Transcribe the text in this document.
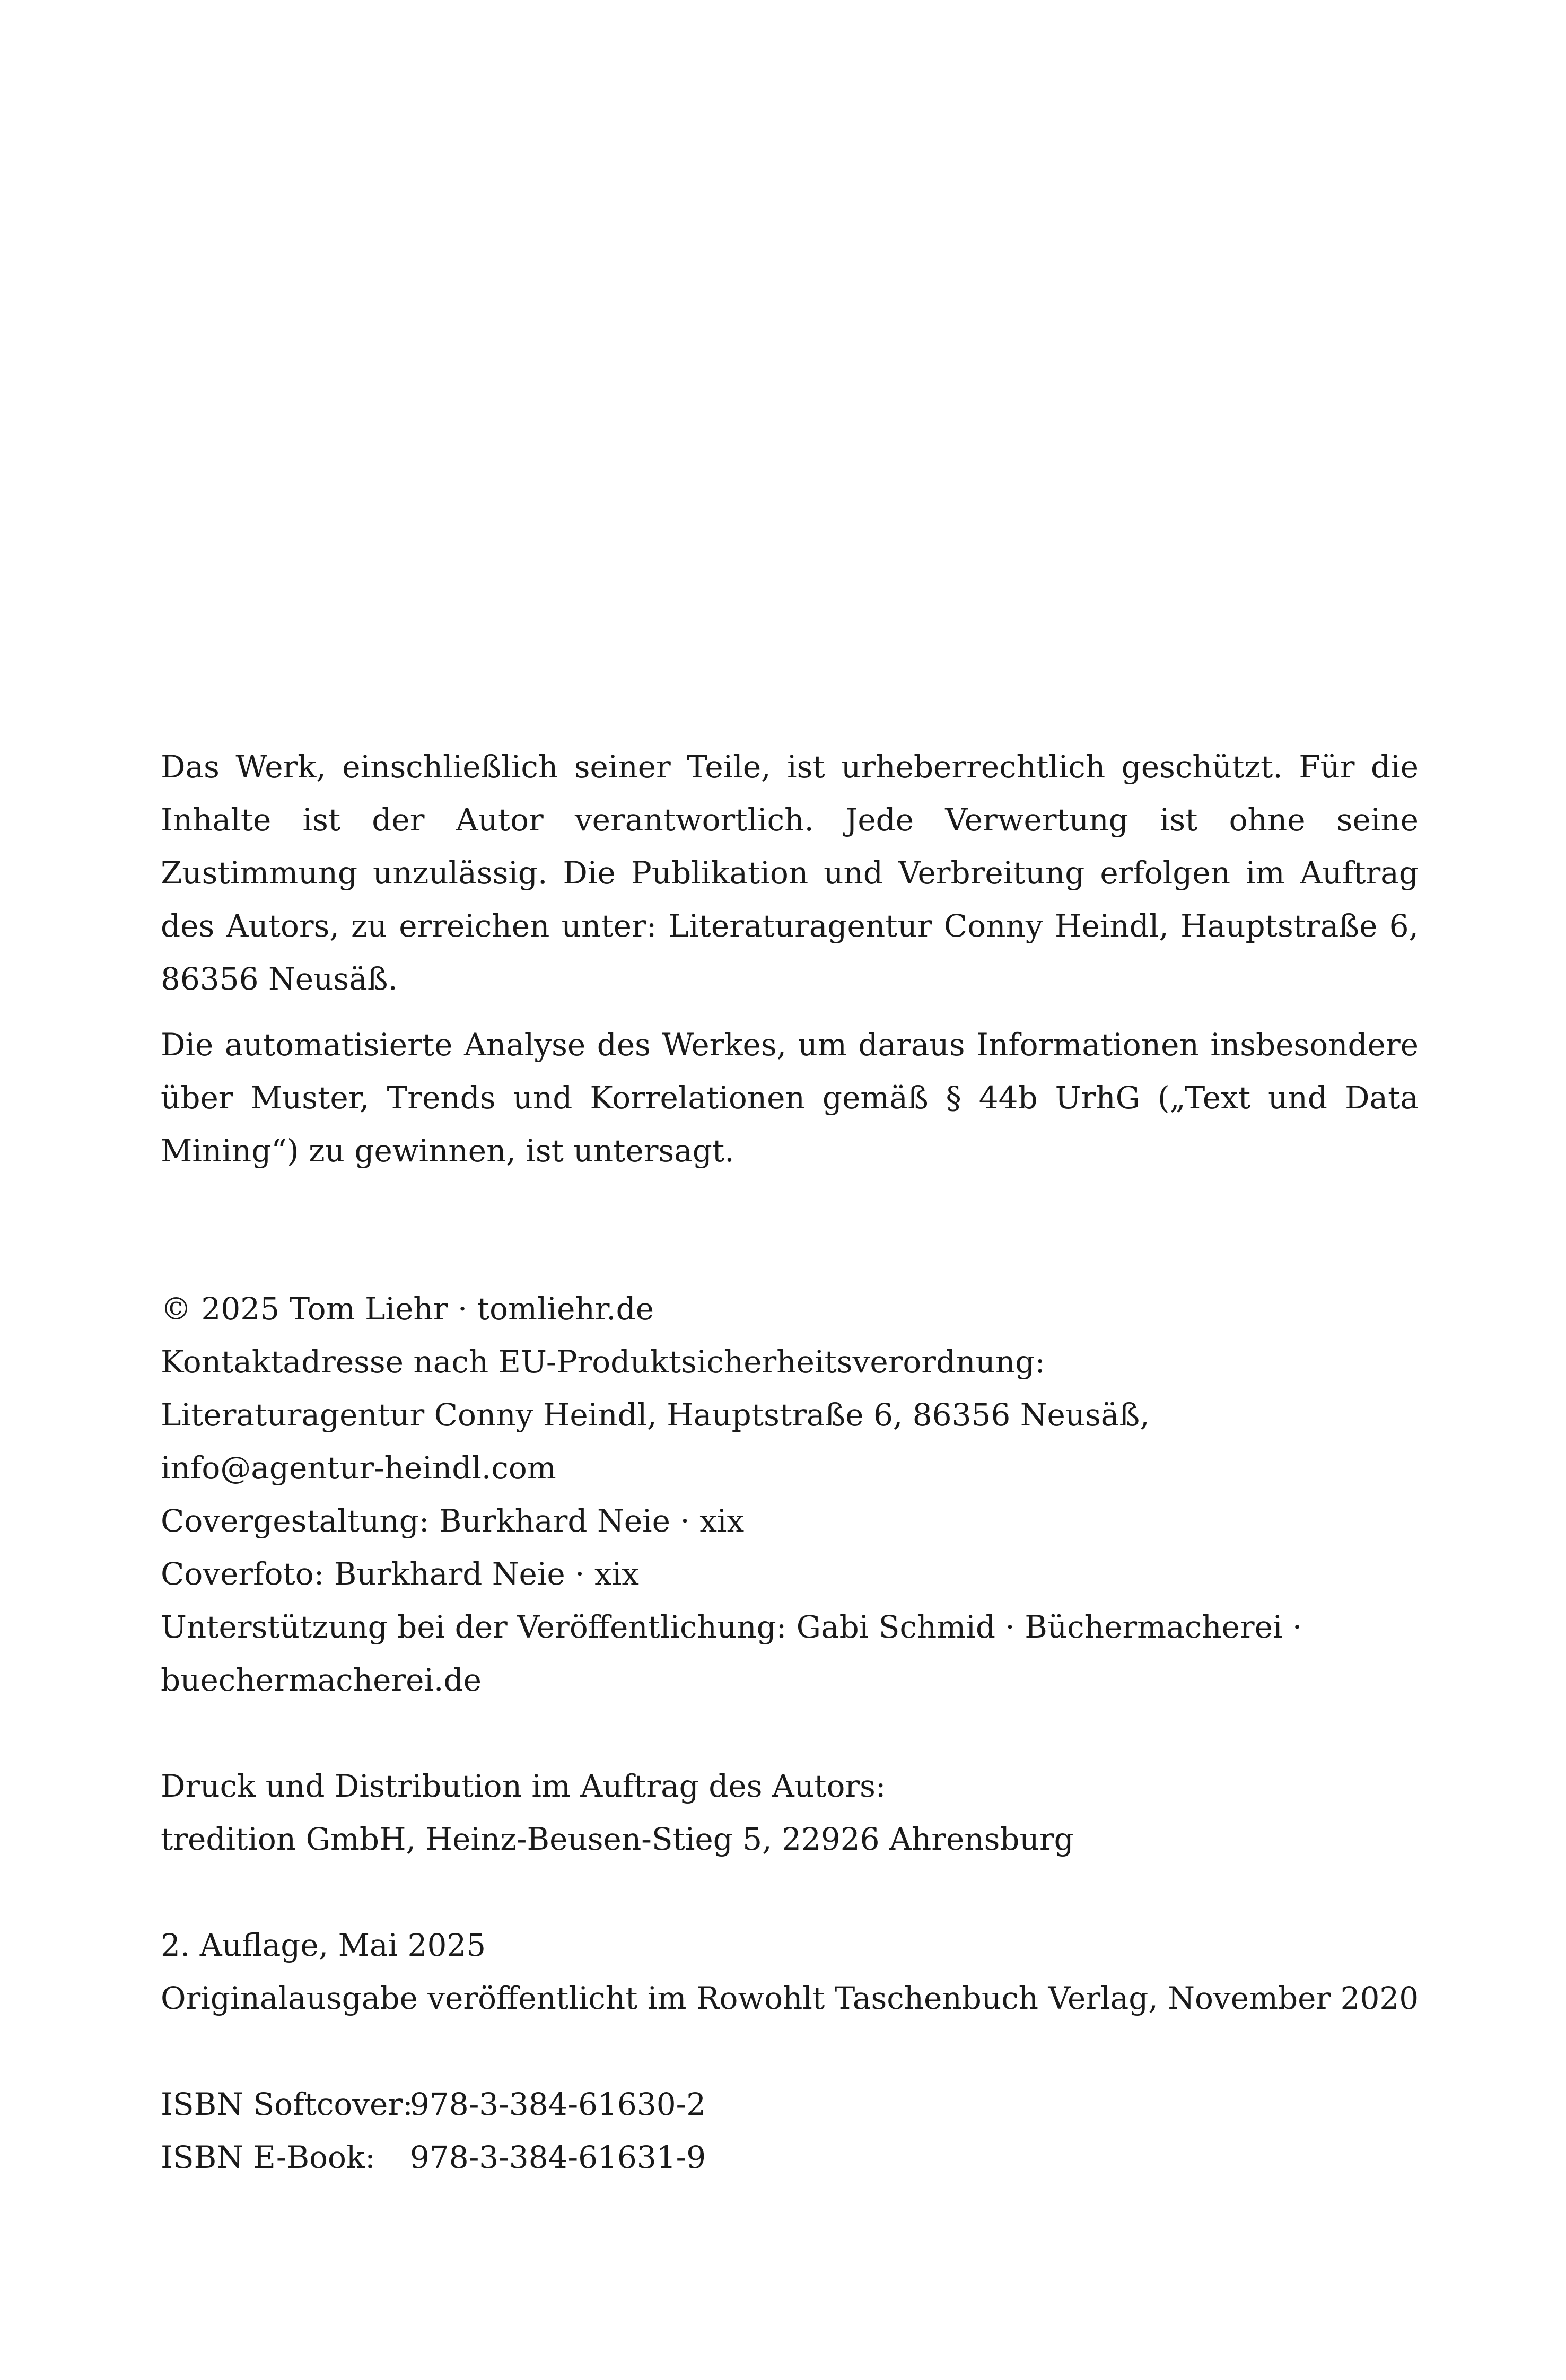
Das Werk, einschließlich seiner Teile, ist urheberrechtlich geschützt. Für die Inhalte ist der Autor verantwortlich. Jede Verwertung ist ohne seine Zustimmung unzulässig. Die Publikation und Verbreitung erfolgen im Auftrag des Autors, zu erreichen unter: Literaturagentur Conny Heindl, Hauptstraße 6, 86356 Neusäß.

Die automatisierte Analyse des Werkes, um daraus Informationen insbesondere über Muster, Trends und Korrelationen gemäß § 44b UrhG („Text und Data Mining“) zu gewinnen, ist untersagt.

© 2025 Tom Liehr · tomliehr.de
Kontaktadresse nach EU-Produktsicherheitsverordnung:
Literaturagentur Conny Heindl, Hauptstraße 6, 86356 Neusäß,
info@agentur-heindl.com
Covergestaltung: Burkhard Neie · xix
Coverfoto: Burkhard Neie · xix
Unterstützung bei der Veröffentlichung: Gabi Schmid · Büchermacherei ·
buechermacherei.de
Druck und Distribution im Auftrag des Autors:
tredition GmbH, Heinz-Beusen-Stieg 5, 22926 Ahrensburg
2. Auflage, Mai 2025
Originalausgabe veröffentlicht im Rowohlt Taschenbuch Verlag, November 2020
ISBN Softcover:
978-3-384-61630-2
ISBN E-Book:	978-3-384-61631-9
